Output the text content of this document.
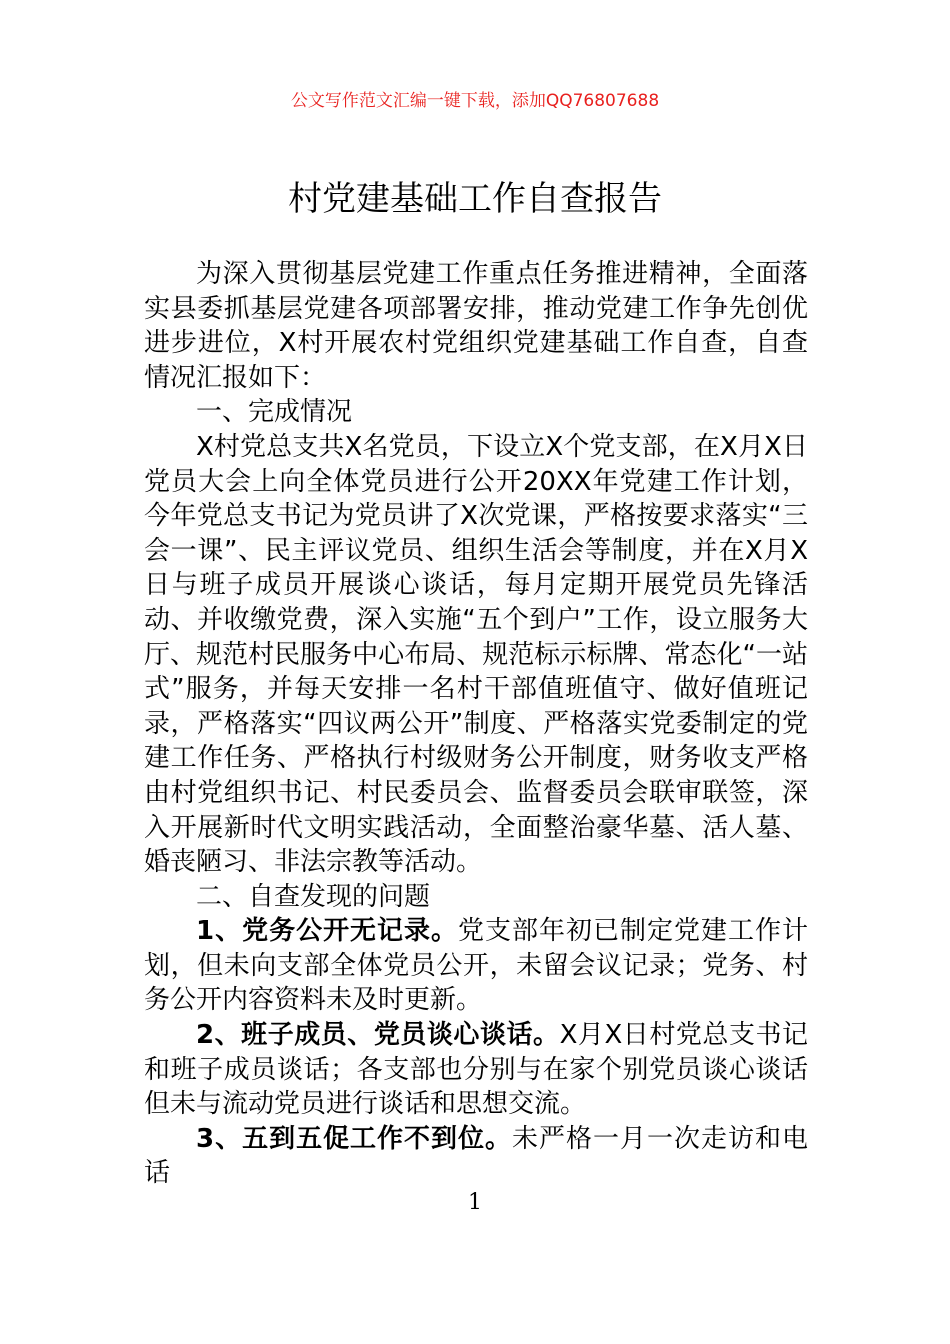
公文写作范文汇编一键下载，添加QQ76807688
村党建基础工作自查报告

为深入贯彻基层党建工作重点任务推进精神，全面落实县委抓基层党建各项部署安排，推动党建工作争先创优进步进位，X村开展农村党组织党建基础工作自查，自查情况汇报如下：

一、完成情况

X村党总支共X名党员，下设立X个党支部，在X月X日党员大会上向全体党员进行公开20XX年党建工作计划，今年党总支书记为党员讲了X次党课，严格按要求落实“三会一课”、民主评议党员、组织生活会等制度，并在X月X日与班子成员开展谈心谈话，每月定期开展党员先锋活动、并收缴党费，深入实施“五个到户”工作，设立服务大厅、规范村民服务中心布局、规范标示标牌、常态化“一站式”服务，并每天安排一名村干部值班值守、做好值班记录，严格落实“四议两公开”制度、严格落实党委制定的党建工作任务、严格执行村级财务公开制度，财务收支严格由村党组织书记、村民委员会、监督委员会联审联签，深入开展新时代文明实践活动，全面整治豪华墓、活人墓、婚丧陋习、非法宗教等活动。

二、自查发现的问题

1、党务公开无记录。党支部年初已制定党建工作计划，但未向支部全体党员公开，未留会议记录；党务、村务公开内容资料未及时更新。

2、班子成员、党员谈心谈话。X月X日村党总支书记和班子成员谈话；各支部也分别与在家个别党员谈心谈话但未与流动党员进行谈话和思想交流。

3、五到五促工作不到位。未严格一月一次走访和电话

1
